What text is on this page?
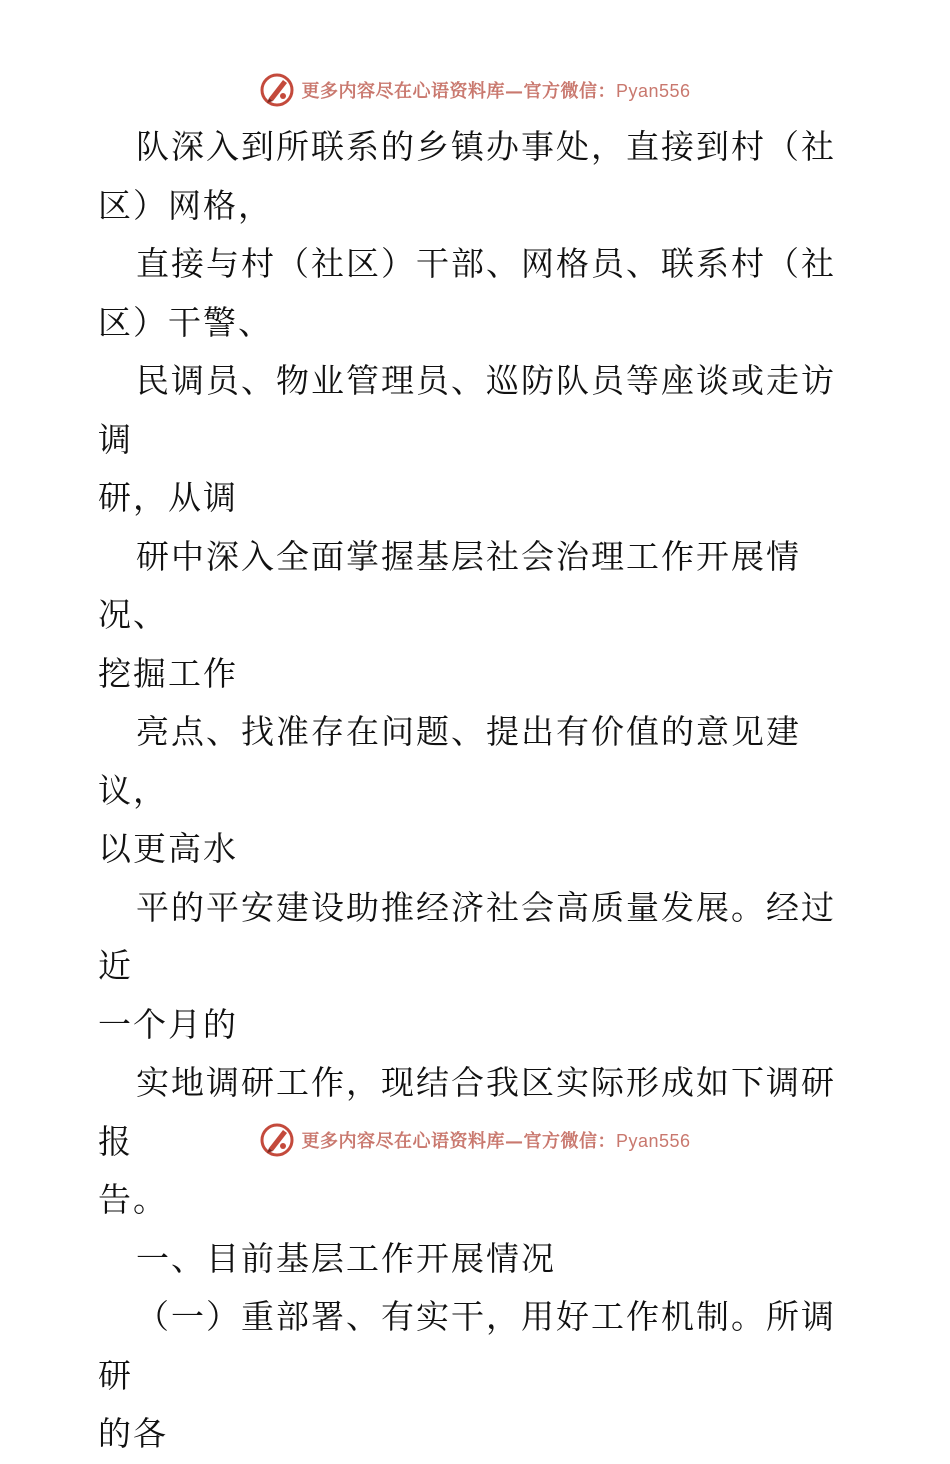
更多内容尽在心语资料库—官方微信：Pyan556

队深入到所联系的乡镇办事处，直接到村（社
区）网格，

直接与村（社区）干部、网格员、联系村（社
区）干警、

民调员、物业管理员、巡防队员等座谈或走访调
研，从调

研中深入全面掌握基层社会治理工作开展情况、
挖掘工作

亮点、找准存在问题、提出有价值的意见建议，
以更高水

平的平安建设助推经济社会高质量发展。经过近
一个月的

实地调研工作，现结合我区实际形成如下调研报
告。

一、目前基层工作开展情况

（一）重部署、有实干，用好工作机制。所调研
的各

更多内容尽在心语资料库—官方微信：Pyan556
